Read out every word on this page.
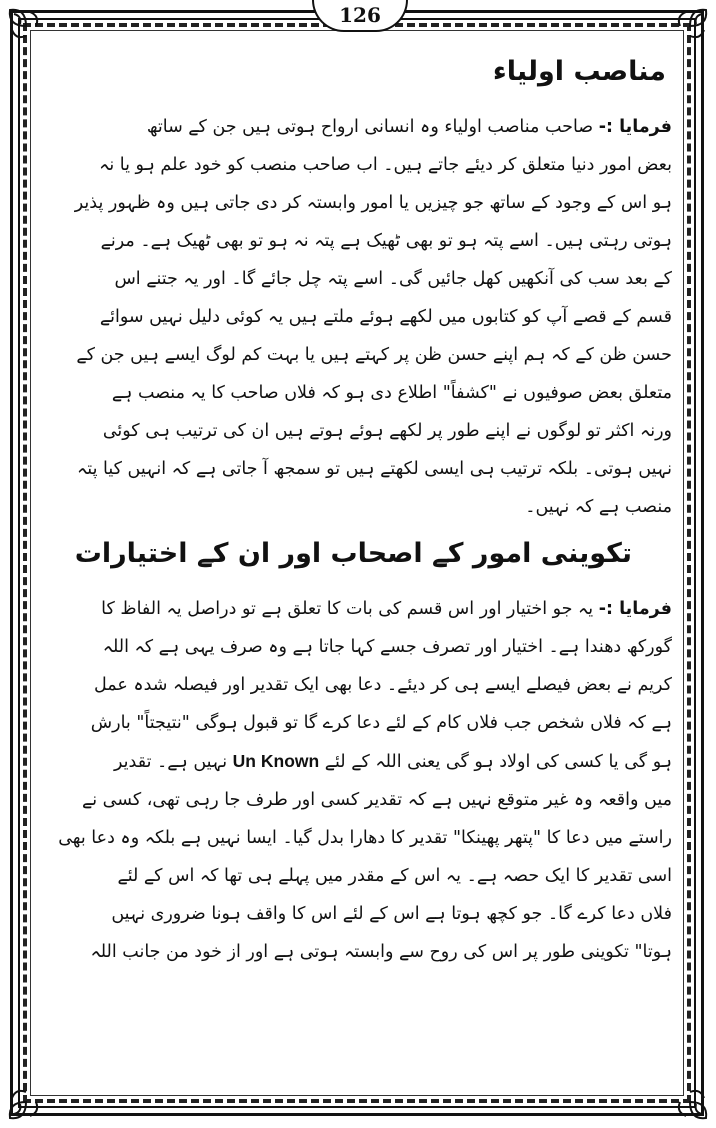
126
مناصب اولیاء

فرمایا :- صاحب مناصب اولیاء وہ انسانی ارواح ہوتی ہیں جن کے ساتھ

بعض امور دنیا متعلق کر دیئے جاتے ہیں۔ اب صاحب منصب کو خود علم ہو یا نہ

ہو اس کے وجود کے ساتھ جو چیزیں یا امور وابستہ کر دی جاتی ہیں وہ ظہور پذیر

ہوتی رہتی ہیں۔ اسے پتہ ہو تو بھی ٹھیک ہے پتہ نہ ہو تو بھی ٹھیک ہے۔ مرنے

کے بعد سب کی آنکھیں کھل جائیں گی۔ اسے پتہ چل جائے گا۔ اور یہ جتنے اس

قسم کے قصے آپ کو کتابوں میں لکھے ہوئے ملتے ہیں یہ کوئی دلیل نہیں سوائے

حسن ظن کے کہ ہم اپنے حسن ظن پر کہتے ہیں یا بہت کم لوگ ایسے ہیں جن کے

متعلق بعض صوفیوں نے "کشفاً" اطلاع دی ہو کہ فلاں صاحب کا یہ منصب ہے

ورنہ اکثر تو لوگوں نے اپنے طور پر لکھے ہوئے ہوتے ہیں ان کی ترتیب ہی کوئی

نہیں ہوتی۔ بلکہ ترتیب ہی ایسی لکھتے ہیں تو سمجھ آ جاتی ہے کہ انہیں کیا پتہ

منصب ہے کہ نہیں۔

تکوینی امور کے اصحاب اور ان کے اختیارات

فرمایا :- یہ جو اختیار اور اس قسم کی بات کا تعلق ہے تو دراصل یہ الفاظ کا

گورکھ دھندا ہے۔ اختیار اور تصرف جسے کہا جاتا ہے وہ صرف یہی ہے کہ اللہ

کریم نے بعض فیصلے ایسے ہی کر دیئے۔ دعا بھی ایک تقدیر اور فیصلہ شدہ عمل

ہے کہ فلاں شخص جب فلاں کام کے لئے دعا کرے گا تو قبول ہوگی "نتیجتاً" بارش

ہو گی یا کسی کی اولاد ہو گی یعنی اللہ کے لئے Un Known نہیں ہے۔ تقدیر

میں واقعہ وہ غیر متوقع نہیں ہے کہ تقدیر کسی اور طرف جا رہی تھی، کسی نے

راستے میں دعا کا "پتھر پھینکا" تقدیر کا دھارا بدل گیا۔ ایسا نہیں ہے بلکہ وہ دعا بھی

اسی تقدیر کا ایک حصہ ہے۔ یہ اس کے مقدر میں پہلے ہی تھا کہ اس کے لئے

فلاں دعا کرے گا۔ جو کچھ ہوتا ہے اس کے لئے اس کا واقف ہونا ضروری نہیں

ہوتا" تکوینی طور پر اس کی روح سے وابستہ ہوتی ہے اور از خود من جانب اللہ
